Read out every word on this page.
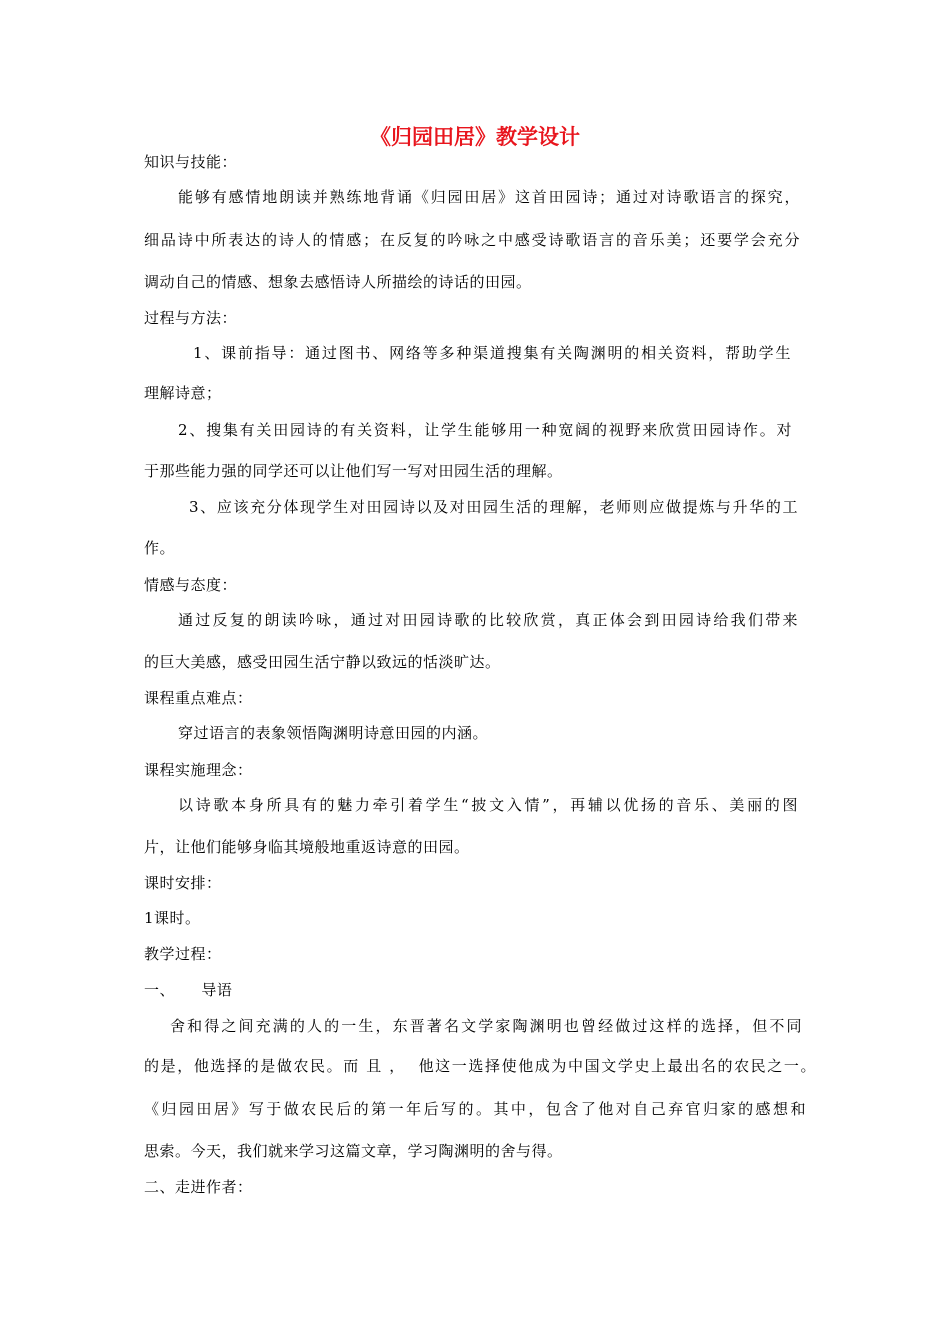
《归园田居》教学设计
知识与技能：
能够有感情地朗读并熟练地背诵《归园田居》这首田园诗；通过对诗歌语言的探究，
细品诗中所表达的诗人的情感；在反复的吟咏之中感受诗歌语言的音乐美；还要学会充分
调动自己的情感、想象去感悟诗人所描绘的诗话的田园。
过程与方法：
1、课前指导：通过图书、网络等多种渠道搜集有关陶渊明的相关资料，帮助学生
理解诗意；
2、搜集有关田园诗的有关资料，让学生能够用一种宽阔的视野来欣赏田园诗作。对
于那些能力强的同学还可以让他们写一写对田园生活的理解。
3、应该充分体现学生对田园诗以及对田园生活的理解，老师则应做提炼与升华的工
作。
情感与态度：
通过反复的朗读吟咏，通过对田园诗歌的比较欣赏，真正体会到田园诗给我们带来
的巨大美感，感受田园生活宁静以致远的恬淡旷达。
课程重点难点：
穿过语言的表象领悟陶渊明诗意田园的内涵。
课程实施理念：
以诗歌本身所具有的魅力牵引着学生“披文入情”，再辅以优扬的音乐、美丽的图
片，让他们能够身临其境般地重返诗意的田园。
课时安排：
1课时。
教学过程：
一、     导语
舍和得之间充满的人的一生，东晋著名文学家陶渊明也曾经做过这样的选择，但不同
的是，他选择的是做农民。而 且 ，  他这一选择使他成为中国文学史上最出名的农民之一。
《归园田居》写于做农民后的第一年后写的。其中，包含了他对自己弃官归家的感想和
思索。今天，我们就来学习这篇文章，学习陶渊明的舍与得。
二、走进作者：
